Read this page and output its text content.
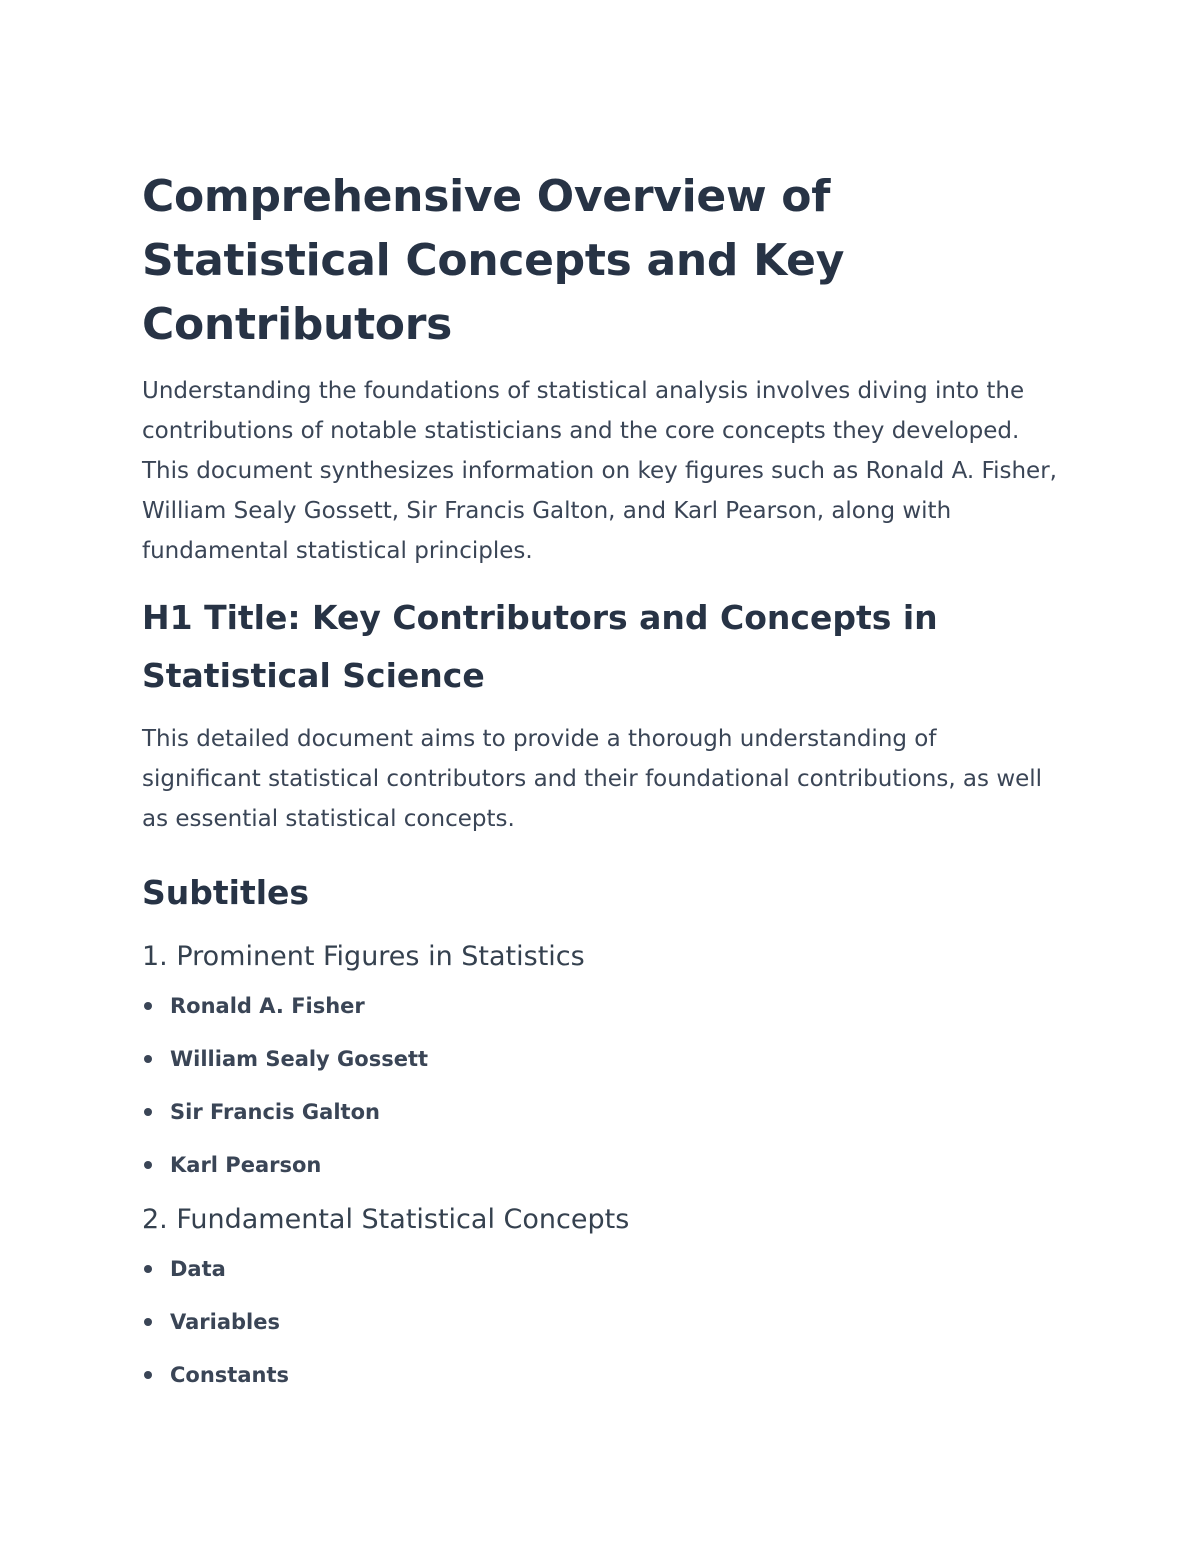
Comprehensive Overview of Statistical Concepts and Key Contributors

Understanding the foundations of statistical analysis involves diving into the contributions of notable statisticians and the core concepts they developed. This document synthesizes information on key figures such as Ronald A. Fisher, William Sealy Gossett, Sir Francis Galton, and Karl Pearson, along with fundamental statistical principles.

H1 Title: Key Contributors and Concepts in Statistical Science

This detailed document aims to provide a thorough understanding of significant statistical contributors and their foundational contributions, as well as essential statistical concepts.

Subtitles
1. Prominent Figures in Statistics
Ronald A. Fisher
William Sealy Gossett
Sir Francis Galton
Karl Pearson
2. Fundamental Statistical Concepts
Data
Variables
Constants
